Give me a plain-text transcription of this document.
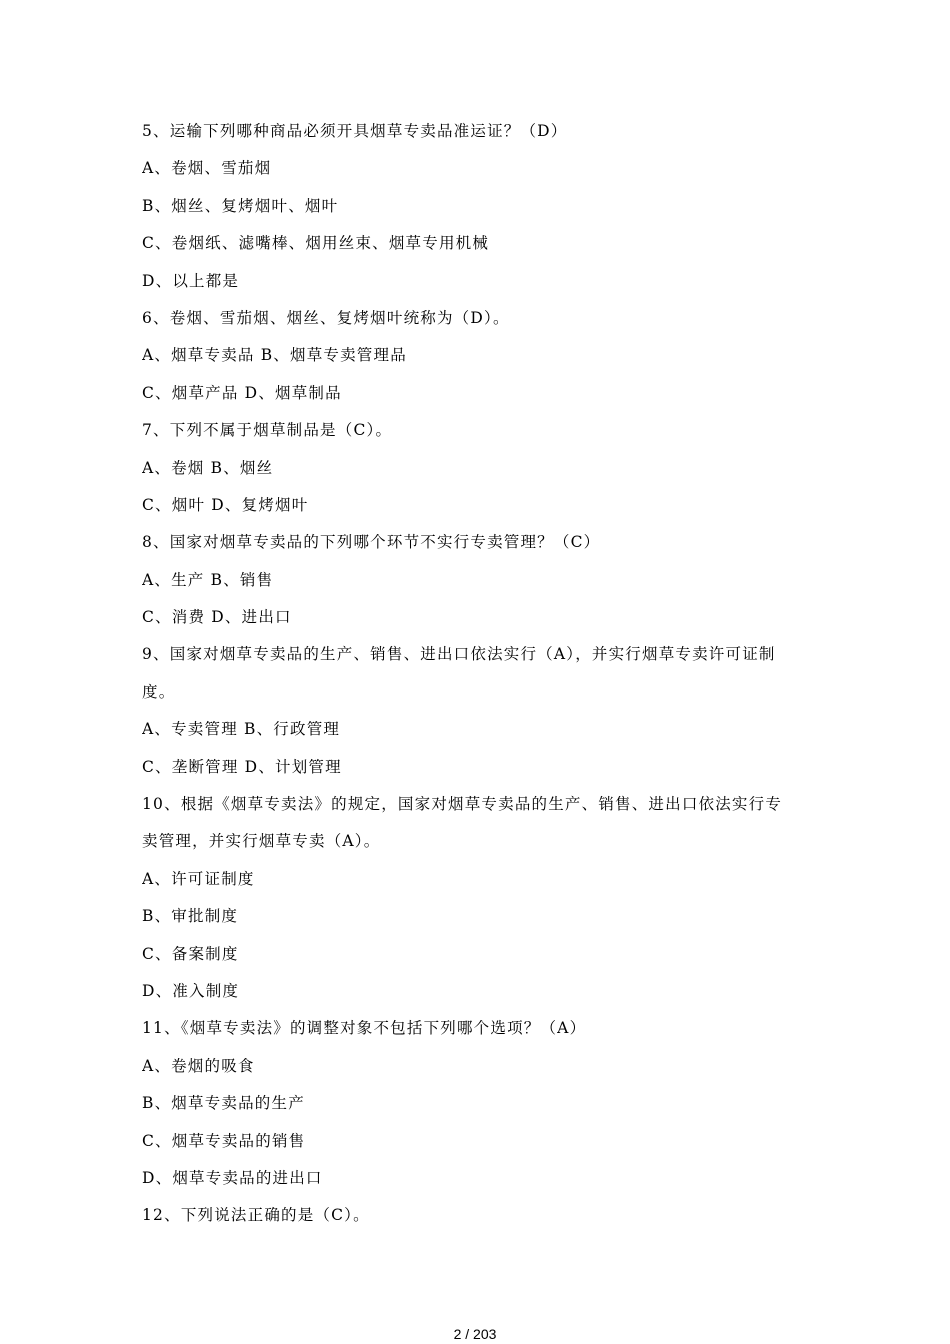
5、运输下列哪种商品必须开具烟草专卖品准运证？（D）
A、卷烟、雪茄烟
B、烟丝、复烤烟叶、烟叶
C、卷烟纸、滤嘴棒、烟用丝束、烟草专用机械
D、以上都是
6、卷烟、雪茄烟、烟丝、复烤烟叶统称为（D）。
A、烟草专卖品 B、烟草专卖管理品
C、烟草产品 D、烟草制品
7、下列不属于烟草制品是（C）。
A、卷烟 B、烟丝
C、烟叶 D、复烤烟叶
8、国家对烟草专卖品的下列哪个环节不实行专卖管理？（C）
A、生产 B、销售
C、消费 D、进出口
9、国家对烟草专卖品的生产、销售、进出口依法实行（A），并实行烟草专卖许可证制
度。
A、专卖管理 B、行政管理
C、垄断管理 D、计划管理
10、根据《烟草专卖法》的规定，国家对烟草专卖品的生产、销售、进出口依法实行专
卖管理，并实行烟草专卖（A）。
A、许可证制度
B、审批制度
C、备案制度
D、准入制度
11、《烟草专卖法》的调整对象不包括下列哪个选项？（A）
A、卷烟的吸食
B、烟草专卖品的生产
C、烟草专卖品的销售
D、烟草专卖品的进出口
12、下列说法正确的是（C）。
2 / 203
